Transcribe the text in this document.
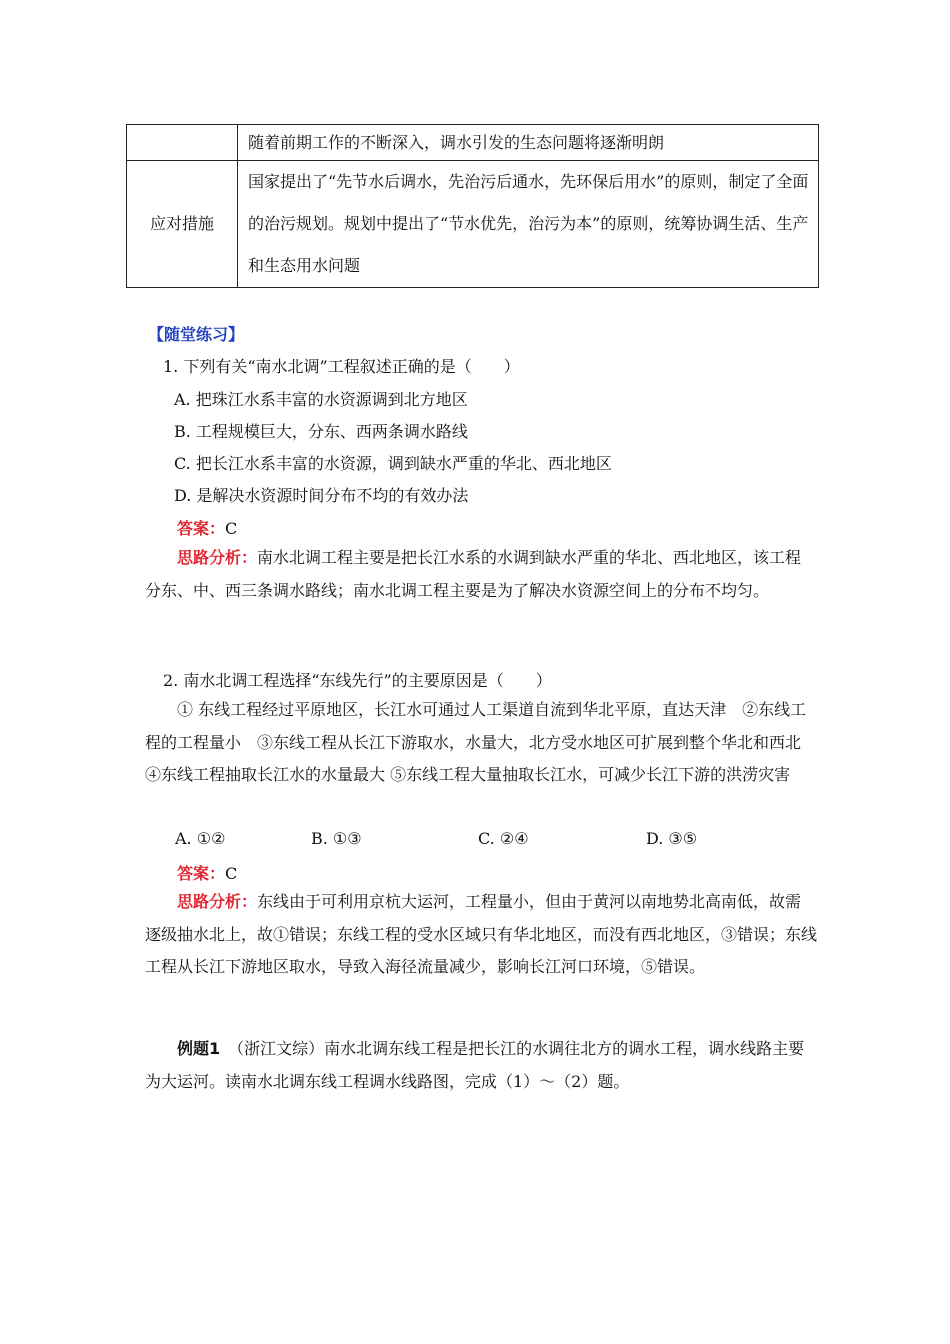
	随着前期工作的不断深入，调水引发的生态问题将逐渐明朗
应对措施	国家提出了“先节水后调水，先治污后通水，先环保后用水”的原则，制定了全面的治污规划。规划中提出了“节水优先，治污为本”的原则，统筹协调生活、生产和生态用水问题
【随堂练习】
1. 下列有关“南水北调”工程叙述正确的是（　　）
A. 把珠江水系丰富的水资源调到北方地区
B. 工程规模巨大，分东、西两条调水路线
C. 把长江水系丰富的水资源，调到缺水严重的华北、西北地区
D. 是解决水资源时间分布不均的有效办法
答案：C
思路分析：南水北调工程主要是把长江水系的水调到缺水严重的华北、西北地区，该工程分东、中、西三条调水路线；南水北调工程主要是为了解决水资源空间上的分布不均匀。
2. 南水北调工程选择“东线先行”的主要原因是（　　）
① 东线工程经过平原地区，长江水可通过人工渠道自流到华北平原，直达天津　②东线工程的工程量小　③东线工程从长江下游取水，水量大，北方受水地区可扩展到整个华北和西北　④东线工程抽取长江水的水量最大 ⑤东线工程大量抽取长江水，可减少长江下游的洪涝灾害
A. ①②	B. ①③	C. ②④	D. ③⑤
答案：C
思路分析：东线由于可利用京杭大运河，工程量小，但由于黄河以南地势北高南低，故需逐级抽水北上，故①错误；东线工程的受水区域只有华北地区，而没有西北地区，③错误；东线工程从长江下游地区取水，导致入海径流量减少，影响长江河口环境，⑤错误。
例题1　（浙江文综）南水北调东线工程是把长江的水调往北方的调水工程，调水线路主要为大运河。读南水北调东线工程调水线路图，完成（1）～（2）题。
